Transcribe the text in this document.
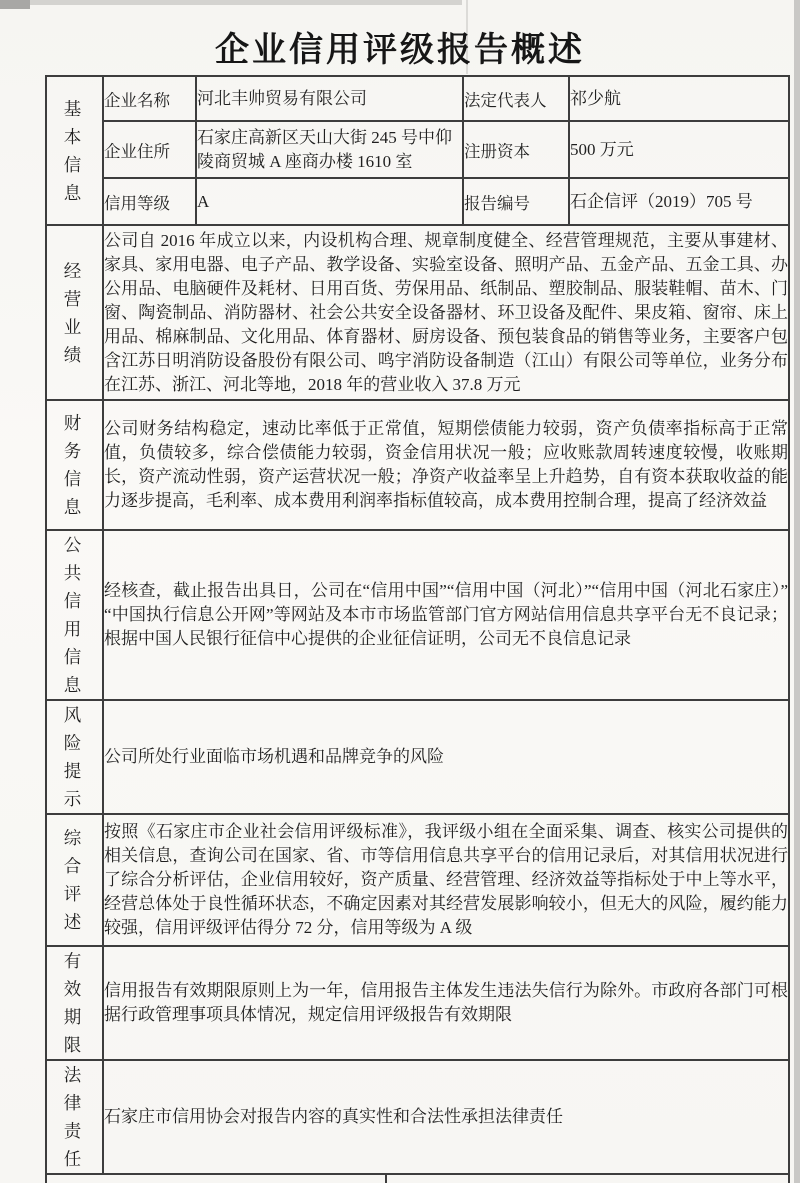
企业信用评级报告概述
基本信息	企业名称	河北丰帅贸易有限公司		法定代表人	祁少航
	企业住所	石家庄高新区天山大街 245 号中仰陵商贸城 A 座商办楼 1610 室		注册资本	500 万元
	信用等级	A		报告编号	石企信评（2019）705 号

经营业绩	公司自 2016 年成立以来，内设机构合理、规章制度健全、经营管理规范，主要从事建材、家具、家用电器、电子产品、教学设备、实验室设备、照明产品、五金产品、五金工具、办公用品、电脑硬件及耗材、日用百货、劳保用品、纸制品、塑胶制品、服装鞋帽、苗木、门窗、陶瓷制品、消防器材、社会公共安全设备器材、环卫设备及配件、果皮箱、窗帘、床上用品、棉麻制品、文化用品、体育器材、厨房设备、预包装食品的销售等业务，主要客户包含江苏日明消防设备股份有限公司、鸣宇消防设备制造（江山）有限公司等单位，业务分布在江苏、浙江、河北等地，2018 年的营业收入 37.8 万元				

财务信息	公司财务结构稳定，速动比率低于正常值，短期偿债能力较弱，资产负债率指标高于正常值，负债较多，综合偿债能力较弱，资金信用状况一般；应收账款周转速度较慢，收账期长，资产流动性弱，资产运营状况一般；净资产收益率呈上升趋势，自有资本获取收益的能力逐步提高，毛利率、成本费用利润率指标值较高，成本费用控制合理，提高了经济效益				

公共信用信息	经核查，截止报告出具日，公司在“信用中国”“信用中国（河北）”“信用中国（河北石家庄）”“中国执行信息公开网”等网站及本市市场监管部门官方网站信用信息共享平台无不良记录；根据中国人民银行征信中心提供的企业征信证明，公司无不良信息记录				

风险提示	公司所处行业面临市场机遇和品牌竞争的风险				

综合评述	按照《石家庄市企业社会信用评级标准》，我评级小组在全面采集、调查、核实公司提供的相关信息，查询公司在国家、省、市等信用信息共享平台的信用记录后，对其信用状况进行了综合分析评估，企业信用较好，资产质量、经营管理、经济效益等指标处于中上等水平，经营总体处于良性循环状态，不确定因素对其经营发展影响较小，但无大的风险，履约能力较强，信用评级评估得分 72 分，信用等级为 A 级				

有效期限	信用报告有效期限原则上为一年，信用报告主体发生违法失信行为除外。市政府各部门可根据行政管理事项具体情况，规定信用评级报告有效期限				

法律责任	石家庄市信用协会对报告内容的真实性和合法性承担法律责任				
